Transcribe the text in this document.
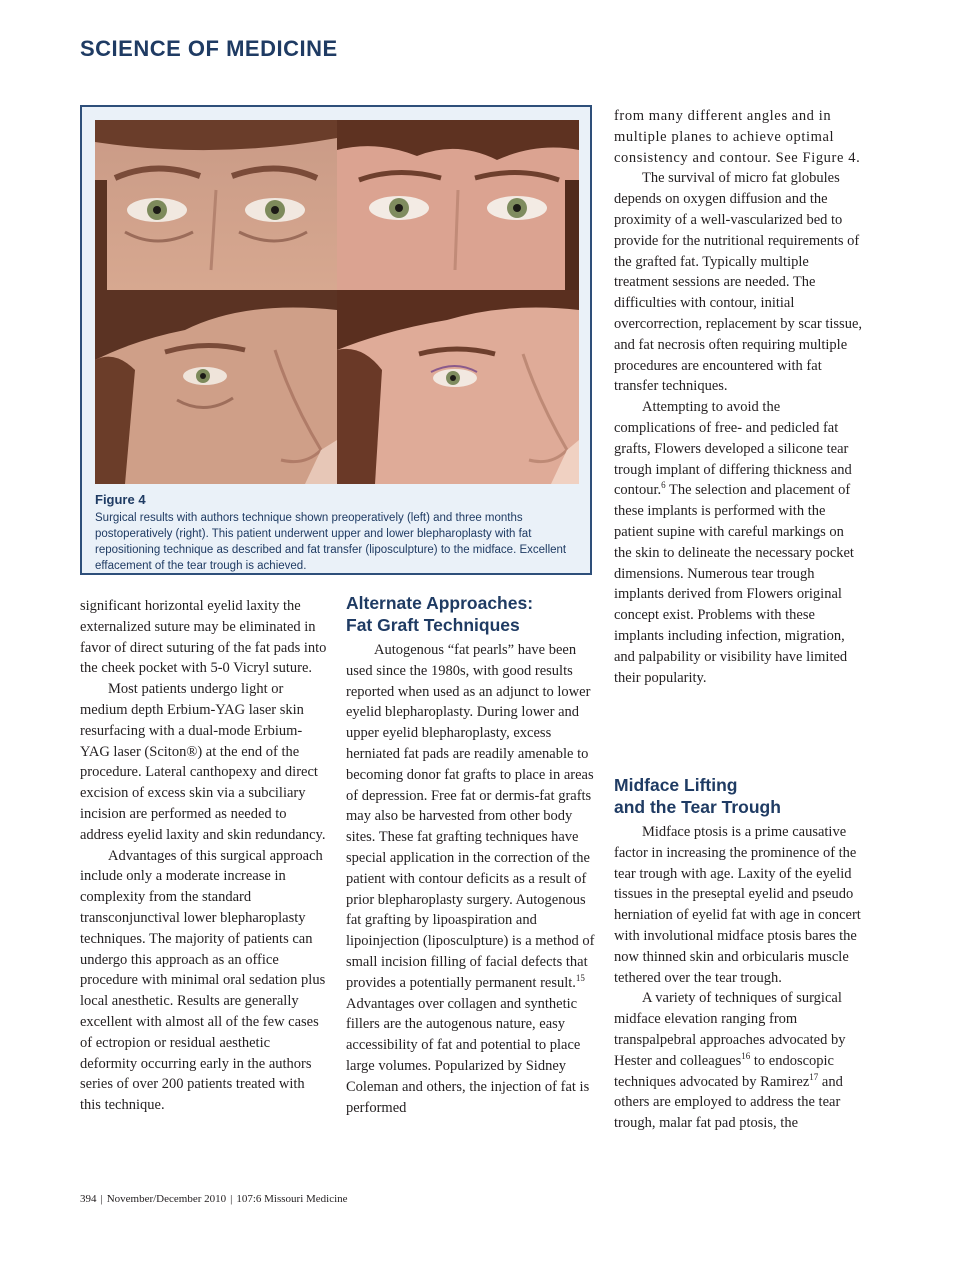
SCIENCE OF MEDICINE
Figure 4
Surgical results with authors technique shown preoperatively (left) and three months postoperatively (right). This patient underwent upper and lower blepharoplasty with fat repositioning technique as described and fat transfer (liposculpture) to the midface. Excellent effacement of the tear trough is achieved.

significant horizontal eyelid laxity the externalized suture may be eliminated in favor of direct suturing of the fat pads into the cheek pocket with 5-0 Vicryl suture.

Most patients undergo light or medium depth Erbium-YAG laser skin resurfacing with a dual-mode Erbium-YAG laser (Sciton®) at the end of the procedure. Lateral canthopexy and direct excision of excess skin via a subciliary incision are performed as needed to address eyelid laxity and skin redundancy.

Advantages of this surgical approach include only a moderate increase in complexity from the standard transconjunctival lower blepharoplasty techniques. The majority of patients can undergo this approach as an office procedure with minimal oral sedation plus local anesthetic. Results are generally excellent with almost all of the few cases of ectropion or residual aesthetic deformity occurring early in the authors series of over 200 patients treated with this technique.

Alternate Approaches:
Fat Graft Techniques

Autogenous “fat pearls” have been used since the 1980s, with good results reported when used as an adjunct to lower eyelid blepharoplasty. During lower and upper eyelid blepharoplasty, excess herniated fat pads are readily amenable to becoming donor fat grafts to place in areas of depression. Free fat or dermis-fat grafts may also be harvested from other body sites. These fat grafting techniques have special application in the correction of the patient with contour deficits as a result of prior blepharoplasty surgery. Autogenous fat grafting by lipoaspiration and lipoinjection (liposculpture) is a method of small incision filling of facial defects that provides a potentially permanent result.$^{15}$ Advantages over collagen and synthetic fillers are the autogenous nature, easy accessibility of fat and potential to place large volumes. Popularized by Sidney Coleman and others, the injection of fat is performed

from many different angles and in multiple planes to achieve optimal consistency and contour. See Figure 4.

The survival of micro fat globules depends on oxygen diffusion and the proximity of a well-vascularized bed to provide for the nutritional requirements of the grafted fat. Typically multiple treatment sessions are needed. The difficulties with contour, initial overcorrection, replacement by scar tissue, and fat necrosis often requiring multiple procedures are encountered with fat transfer techniques.

Attempting to avoid the complications of free- and pedicled fat grafts, Flowers developed a silicone tear trough implant of differing thickness and contour.$^6$ The selection and placement of these implants is performed with the patient supine with careful markings on the skin to delineate the necessary pocket dimensions. Numerous tear trough implants derived from Flowers original concept exist. Problems with these implants including infection, migration, and palpability or visibility have limited their popularity.

Midface Lifting
and the Tear Trough

Midface ptosis is a prime causative factor in increasing the prominence of the tear trough with age. Laxity of the eyelid tissues in the preseptal eyelid and pseudo herniation of eyelid fat with age in concert with involutional midface ptosis bares the now thinned skin and orbicularis muscle tethered over the tear trough.

A variety of techniques of surgical midface elevation ranging from transpalpebral approaches advocated by Hester and colleagues$^{16}$ to endoscopic techniques advocated by Ramirez$^{17}$ and others are employed to address the tear trough, malar fat pad ptosis, the

394 | November/December 2010 | 107:6 Missouri Medicine
